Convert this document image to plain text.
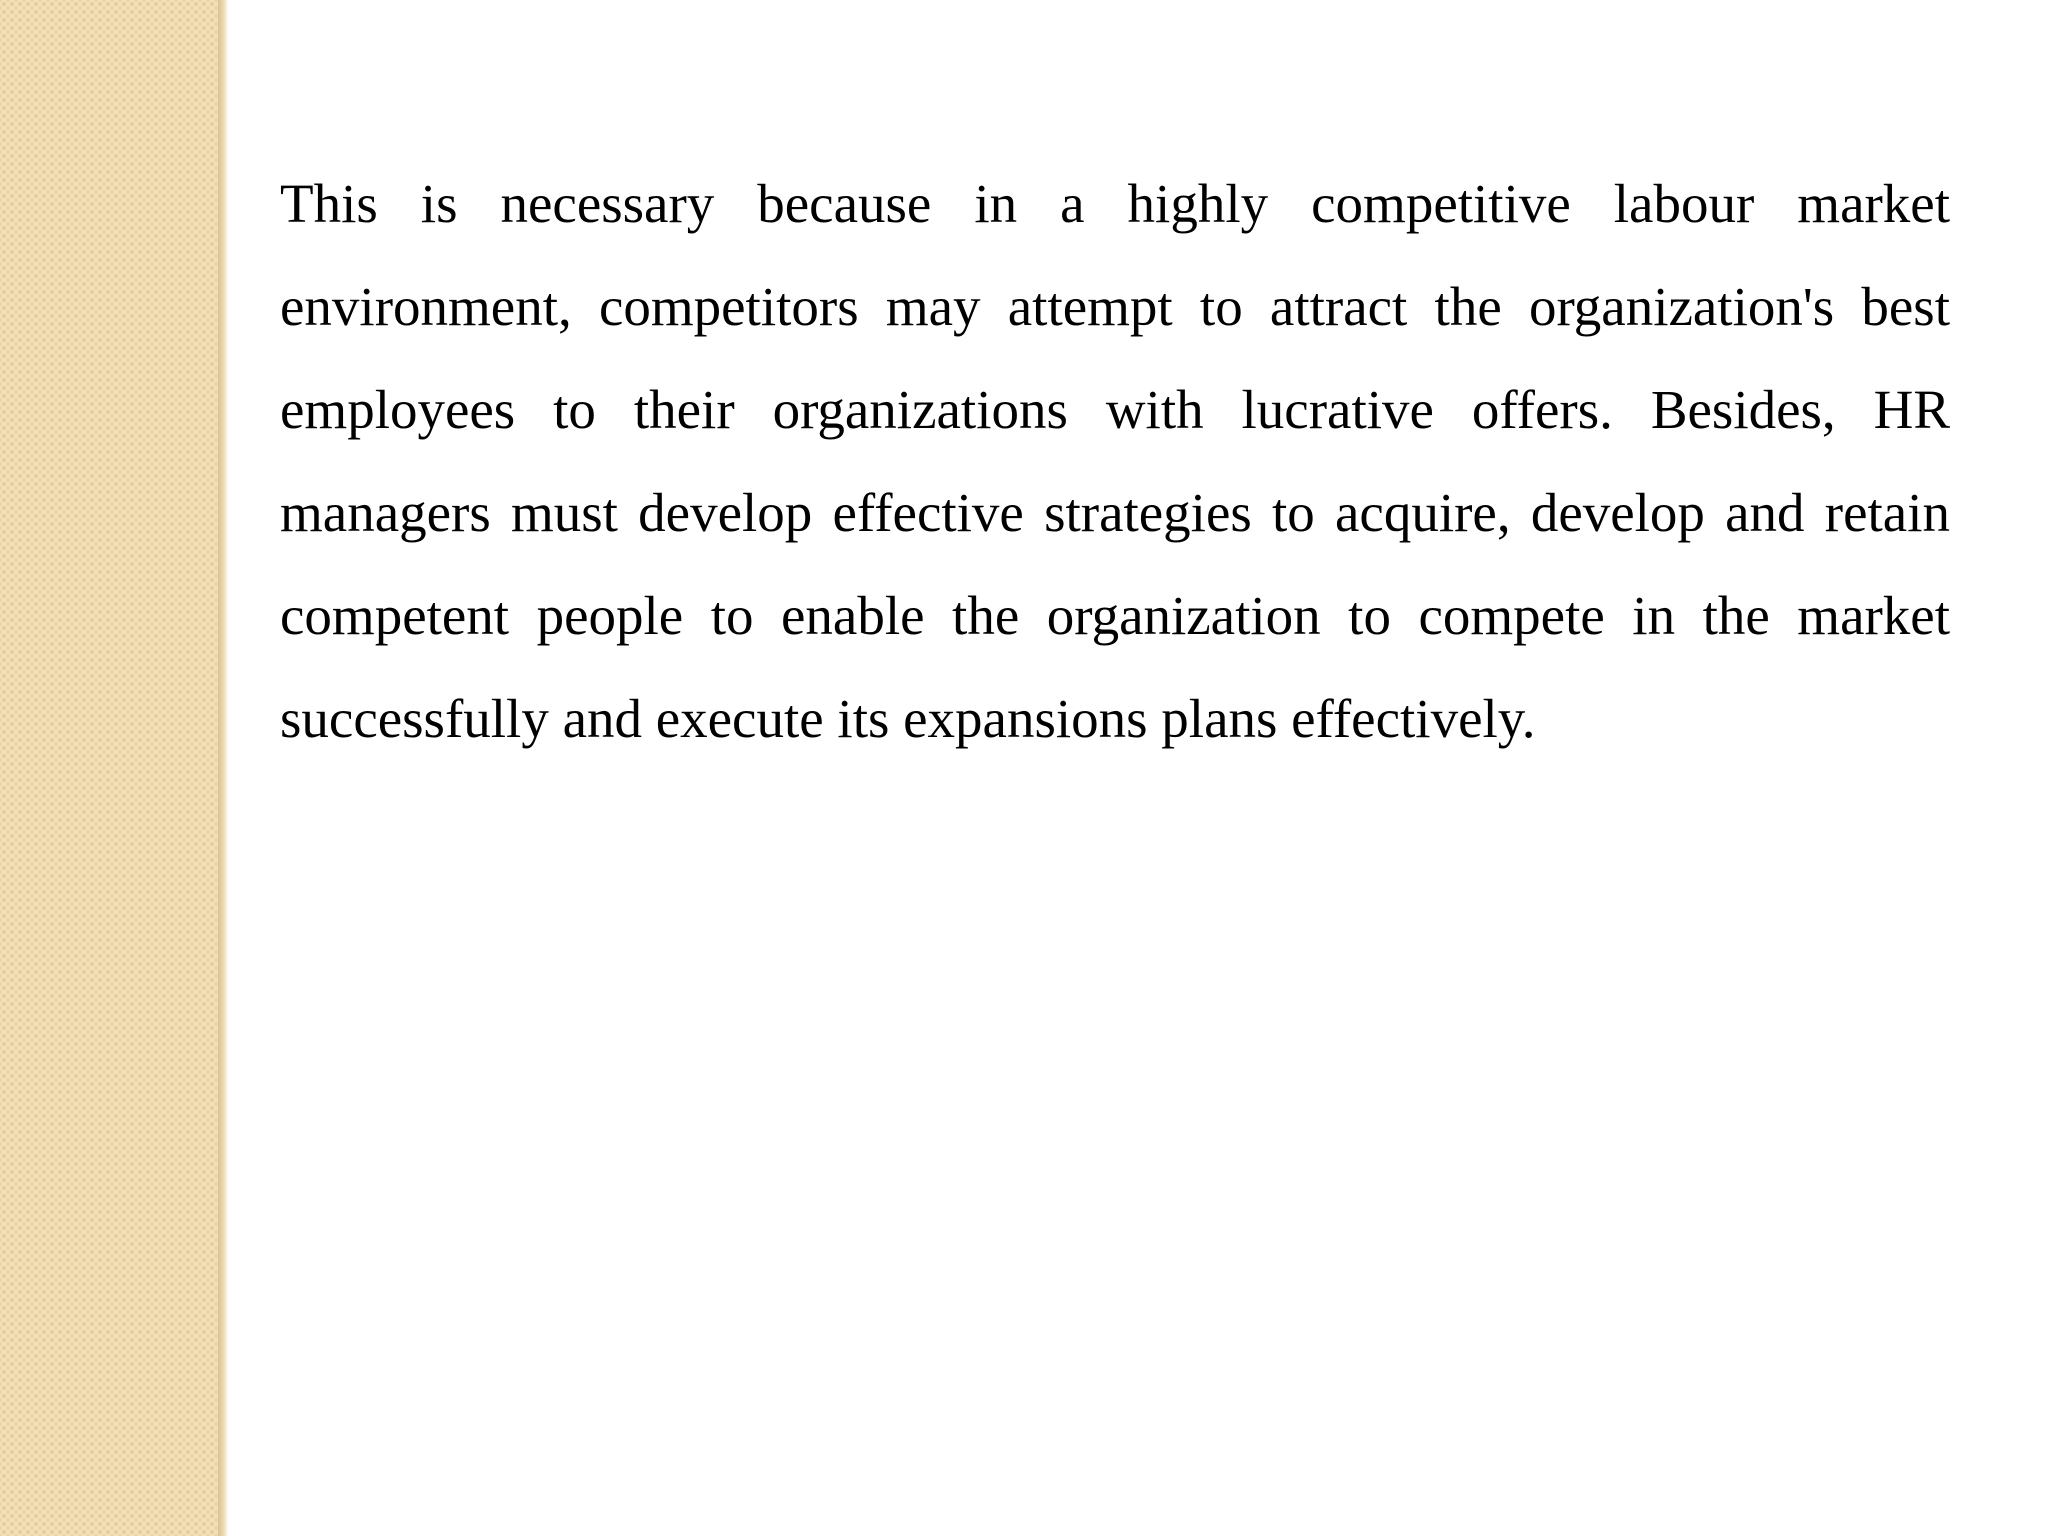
This is necessary because in a highly competitive labour market environment, competitors may attempt to attract the organization's best employees to their organizations with lucrative offers. Besides, HR managers must develop effective strategies to acquire, develop and retain competent people to enable the organization to compete in the market successfully and execute its expansions plans effectively.
